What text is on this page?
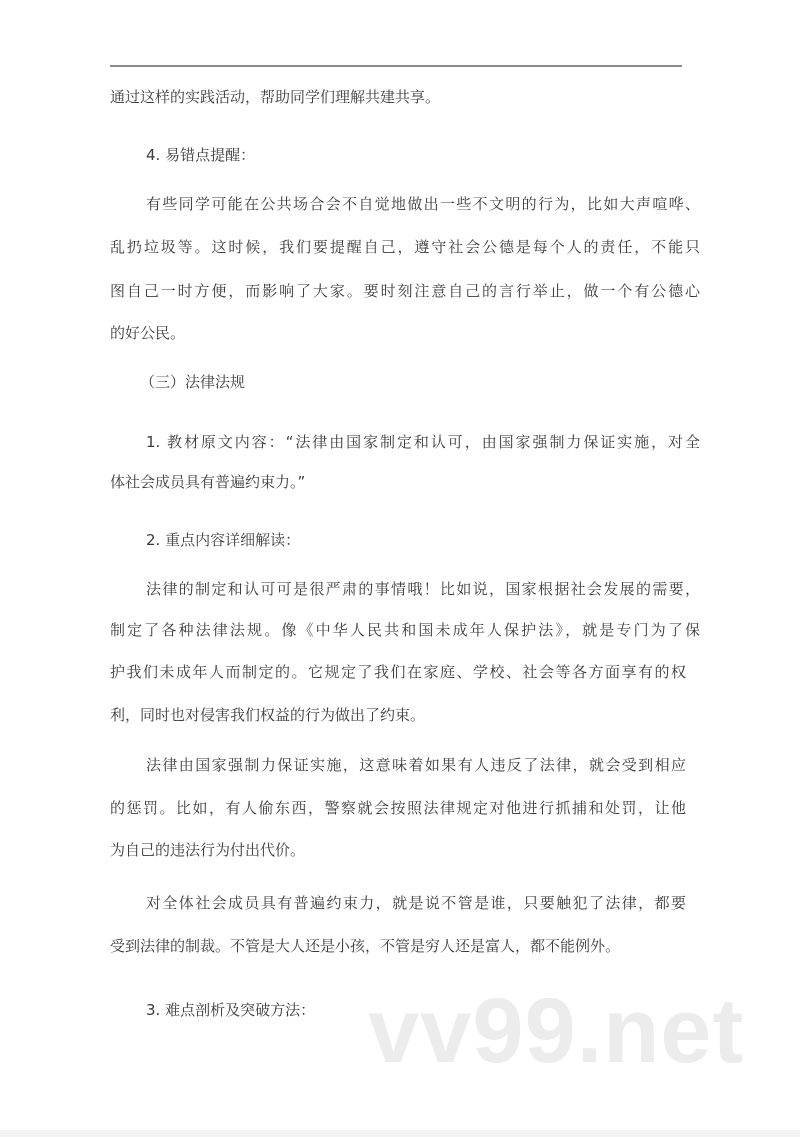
通过这样的实践活动，帮助同学们理解共建共享。
4. 易错点提醒：
有些同学可能在公共场合会不自觉地做出一些不文明的行为，比如大声喧哗、
乱扔垃圾等。这时候，我们要提醒自己，遵守社会公德是每个人的责任，不能只
图自己一时方便，而影响了大家。要时刻注意自己的言行举止，做一个有公德心
的好公民。
（三）法律法规
1. 教材原文内容：“法律由国家制定和认可，由国家强制力保证实施，对全
体社会成员具有普遍约束力。”
2. 重点内容详细解读：
法律的制定和认可可是很严肃的事情哦！比如说，国家根据社会发展的需要，
制定了各种法律法规。像《中华人民共和国未成年人保护法》，就是专门为了保
护我们未成年人而制定的。它规定了我们在家庭、学校、社会等各方面享有的权
利，同时也对侵害我们权益的行为做出了约束。
法律由国家强制力保证实施，这意味着如果有人违反了法律，就会受到相应
的惩罚。比如，有人偷东西，警察就会按照法律规定对他进行抓捕和处罚，让他
为自己的违法行为付出代价。
对全体社会成员具有普遍约束力，就是说不管是谁，只要触犯了法律，都要
受到法律的制裁。不管是大人还是小孩，不管是穷人还是富人，都不能例外。
3. 难点剖析及突破方法： vv99.net
